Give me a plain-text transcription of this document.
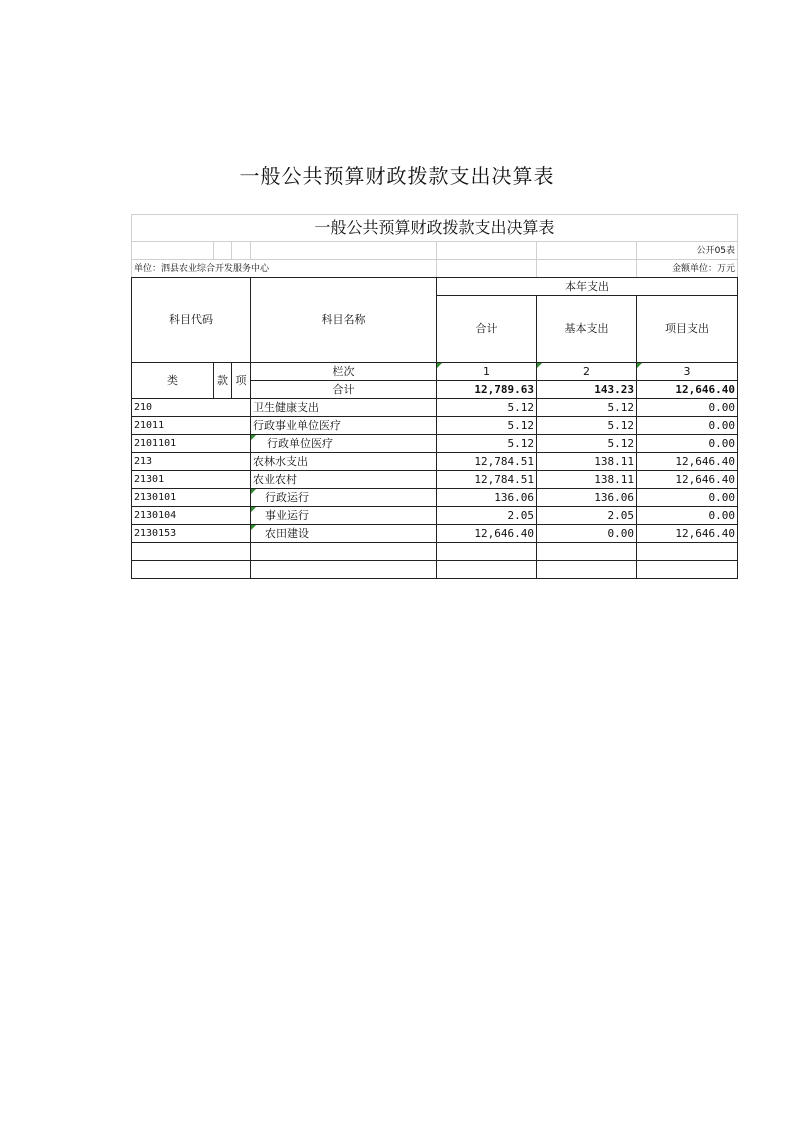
一般公共预算财政拨款支出决算表
一般公共预算财政拨款支出决算表						
						公开05表
单位：泗县农业综合开发服务中心						金额单位：万元
科目代码			科目名称	本年支出		
				合计	基本支出	项目支出

类	款	项	栏次	1	2	3
			合计	12,789.63	143.23	12,646.40
210			卫生健康支出	5.12	5.12	0.00
21011			行政事业单位医疗	5.12	5.12	0.00
2101101			行政单位医疗	5.12	5.12	0.00
213			农林水支出	12,784.51	138.11	12,646.40
21301			农业农村	12,784.51	138.11	12,646.40
2130101			行政运行	136.06	136.06	0.00
2130104			事业运行	2.05	2.05	0.00
2130153			农田建设	12,646.40	0.00	12,646.40
